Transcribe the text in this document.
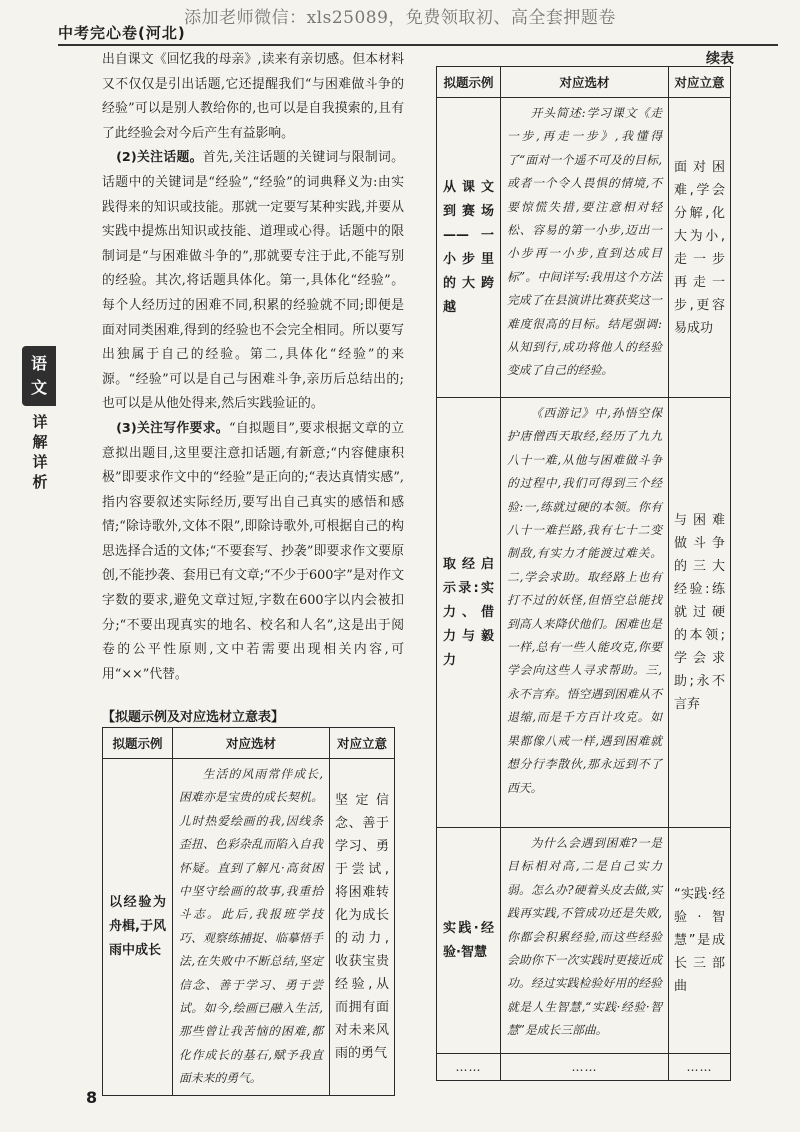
添加老师微信：xls25089，免费领取初、高全套押题卷
中考完心卷(河北)
续表
语文
详解详析

出自课文《回忆我的母亲》,读来有亲切感。但本材料又不仅仅是引出话题,它还提醒我们“与困难做斗争的经验”可以是别人教给你的,也可以是自我摸索的,且有了此经验会对今后产生有益影响。

(2)关注话题。首先,关注话题的关键词与限制词。话题中的关键词是“经验”,“经验”的词典释义为:由实践得来的知识或技能。那就一定要写某种实践,并要从实践中提炼出知识或技能、道理或心得。话题中的限制词是“与困难做斗争的”,那就要专注于此,不能写别的经验。其次,将话题具体化。第一,具体化“经验”。每个人经历过的困难不同,积累的经验就不同;即便是面对同类困难,得到的经验也不会完全相同。所以要写出独属于自己的经验。第二,具体化“经验”的来源。“经验”可以是自己与困难斗争,亲历后总结出的;也可以是从他处得来,然后实践验证的。

(3)关注写作要求。“自拟题目”,要求根据文章的立意拟出题目,这里要注意扣话题,有新意;“内容健康积极”即要求作文中的“经验”是正向的;“表达真情实感”,指内容要叙述实际经历,要写出自己真实的感悟和感情;“除诗歌外,文体不限”,即除诗歌外,可根据自己的构思选择合适的文体;“不要套写、抄袭”即要求作文要原创,不能抄袭、套用已有文章;“不少于600字”是对作文字数的要求,避免文章过短,字数在600字以内会被扣分;“不要出现真实的地名、校名和人名”,这是出于阅卷的公平性原则,文中若需要出现相关内容,可用“××”代替。

【拟题示例及对应选材立意表】
拟题示例	对应选材	对应立意
以经验为舟楫,于风雨中成长	生活的风雨常伴成长,困难亦是宝贵的成长契机。儿时热爱绘画的我,因线条歪扭、色彩杂乱而陷入自我怀疑。直到了解凡·高贫困中坚守绘画的故事,我重拾斗志。此后,我报班学技巧、观察练捕捉、临摹悟手法,在失败中不断总结,坚定信念、善于学习、勇于尝试。如今,绘画已融入生活,那些曾让我苦恼的困难,都化作成长的基石,赋予我直面未来的勇气。	坚定信念、善于学习、勇于尝试,将困难转化为成长的动力,收获宝贵经验,从而拥有面对未来风雨的勇气
拟题示例	对应选材	对应立意
从课文到赛场——一小步里的大跨越	开头简述:学习课文《走一步,再走一步》,我懂得了“面对一个遥不可及的目标,或者一个令人畏惧的情境,不要惊慌失措,要注意相对轻松、容易的第一小步,迈出一小步再一小步,直到达成目标”。中间详写:我用这个方法完成了在县演讲比赛获奖这一难度很高的目标。结尾强调:从知到行,成功将他人的经验变成了自己的经验。	面对困难,学会分解,化大为小,走一步再走一步,更容易成功
取经启示录:实力、借力与毅力	《西游记》中,孙悟空保护唐僧西天取经,经历了九九八十一难,从他与困难做斗争的过程中,我们可得到三个经验:一,练就过硬的本领。你有八十一难拦路,我有七十二变制敌,有实力才能渡过难关。二,学会求助。取经路上也有打不过的妖怪,但悟空总能找到高人来降伏他们。困难也是一样,总有一些人能攻克,你要学会向这些人寻求帮助。三,永不言弃。悟空遇到困难从不退缩,而是千方百计攻克。如果都像八戒一样,遇到困难就想分行李散伙,那永远到不了西天。	与困难做斗争的三大经验:练就过硬的本领;学会求助;永不言弃
实践·经验·智慧	为什么会遇到困难?一是目标相对高,二是自己实力弱。怎么办?硬着头皮去做,实践再实践,不管成功还是失败,你都会积累经验,而这些经验会助你下一次实践时更接近成功。经过实践检验好用的经验就是人生智慧,“实践·经验·智慧”是成长三部曲。	“实践·经验·智慧”是成长三部曲
……	……	……
8
